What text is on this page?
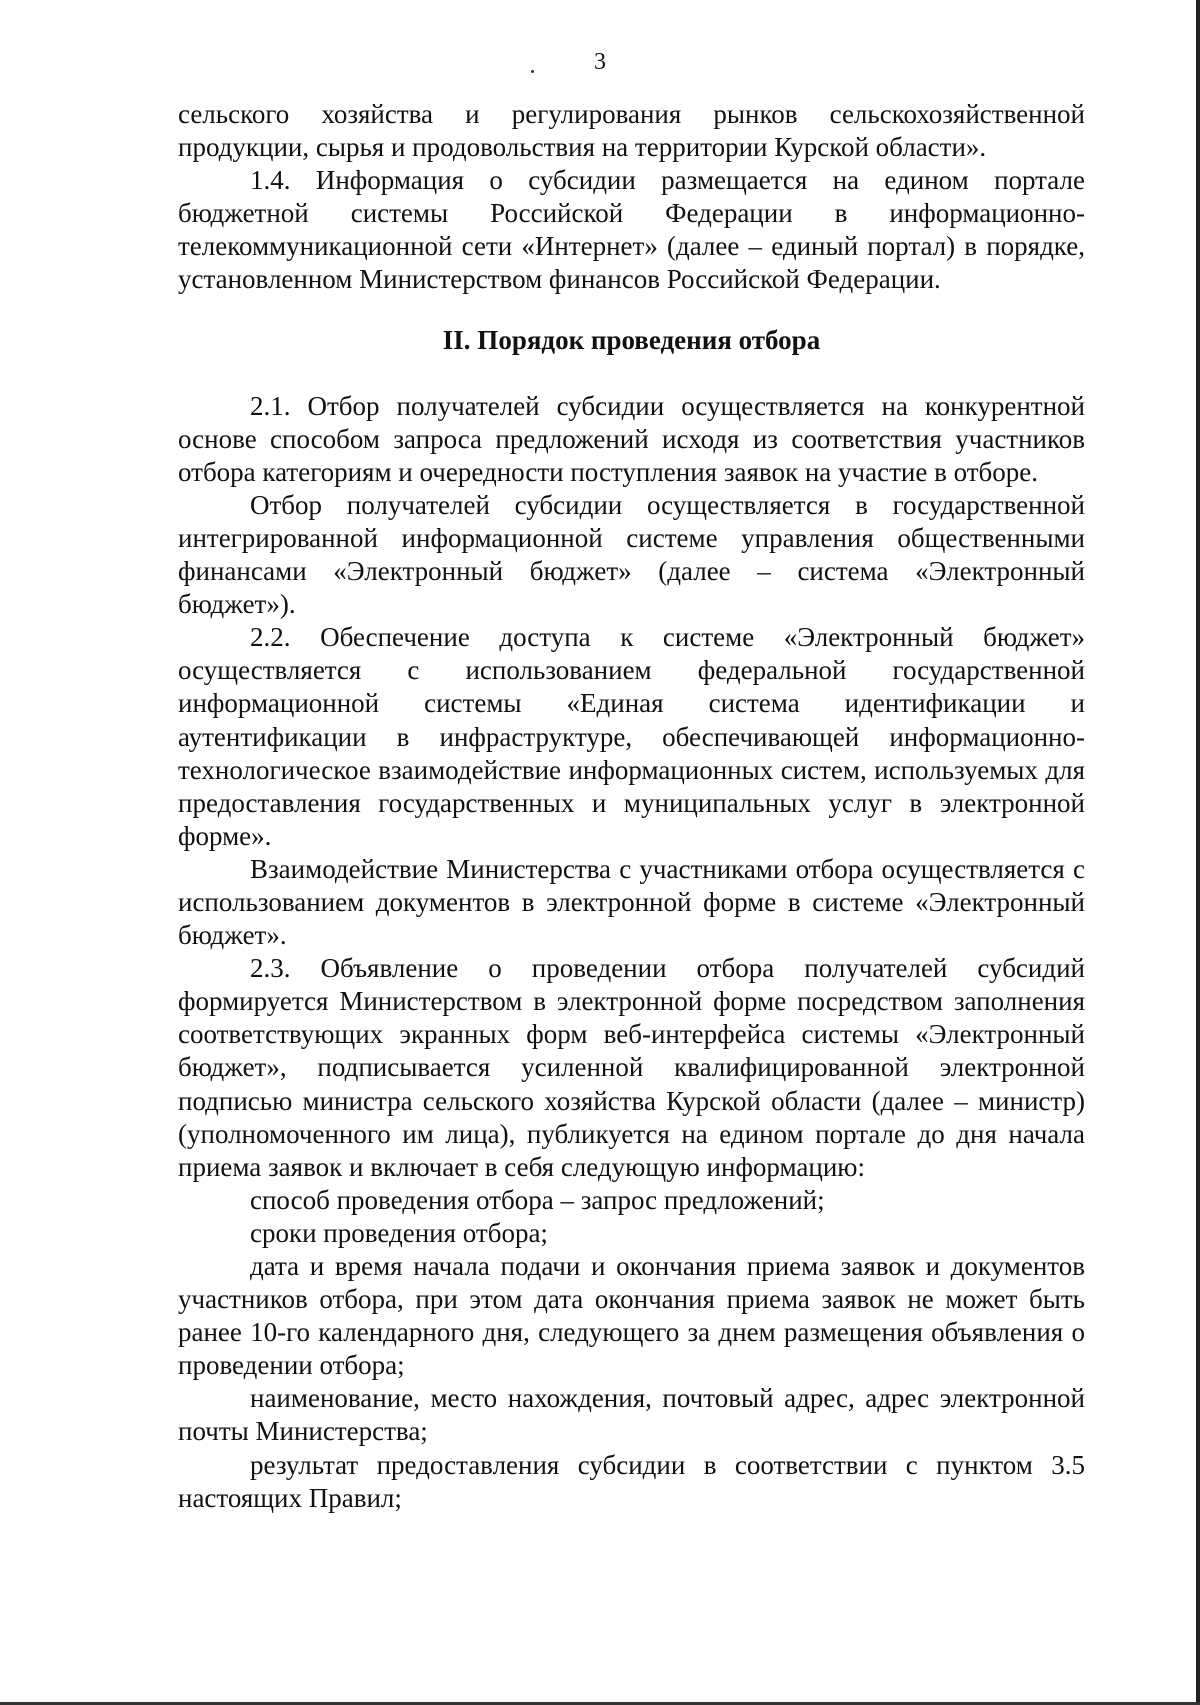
3

сельского хозяйства и регулирования рынков сельскохозяйственной продукции, сырья и продовольствия на территории Курской области».

1.4. Информация о субсидии размещается на едином портале бюджетной системы Российской Федерации в информационно-телекоммуникационной сети «Интернет» (далее – единый портал) в порядке, установленном Министерством финансов Российской Федерации.

II. Порядок проведения отбора

2.1. Отбор получателей субсидии осуществляется на конкурентной основе способом запроса предложений исходя из соответствия участников отбора категориям и очередности поступления заявок на участие в отборе.

Отбор получателей субсидии осуществляется в государственной интегрированной информационной системе управления общественными финансами «Электронный бюджет» (далее – система «Электронный бюджет»).

2.2. Обеспечение доступа к системе «Электронный бюджет» осуществляется с использованием федеральной государственной информационной системы «Единая система идентификации и аутентификации в инфраструктуре, обеспечивающей информационно-технологическое взаимодействие информационных систем, используемых для предоставления государственных и муниципальных услуг в электронной форме».

Взаимодействие Министерства с участниками отбора осуществляется с использованием документов в электронной форме в системе «Электронный бюджет».

2.3. Объявление о проведении отбора получателей субсидий формируется Министерством в электронной форме посредством заполнения соответствующих экранных форм веб-интерфейса системы «Электронный бюджет», подписывается усиленной квалифицированной электронной подписью министра сельского хозяйства Курской области (далее – министр) (уполномоченного им лица), публикуется на едином портале до дня начала приема заявок и включает в себя следующую информацию:

способ проведения отбора – запрос предложений;

сроки проведения отбора;

дата и время начала подачи и окончания приема заявок и документов участников отбора, при этом дата окончания приема заявок не может быть ранее 10-го календарного дня, следующего за днем размещения объявления о проведении отбора;

наименование, место нахождения, почтовый адрес, адрес электронной почты Министерства;

результат предоставления субсидии в соответствии с пунктом 3.5 настоящих Правил;
